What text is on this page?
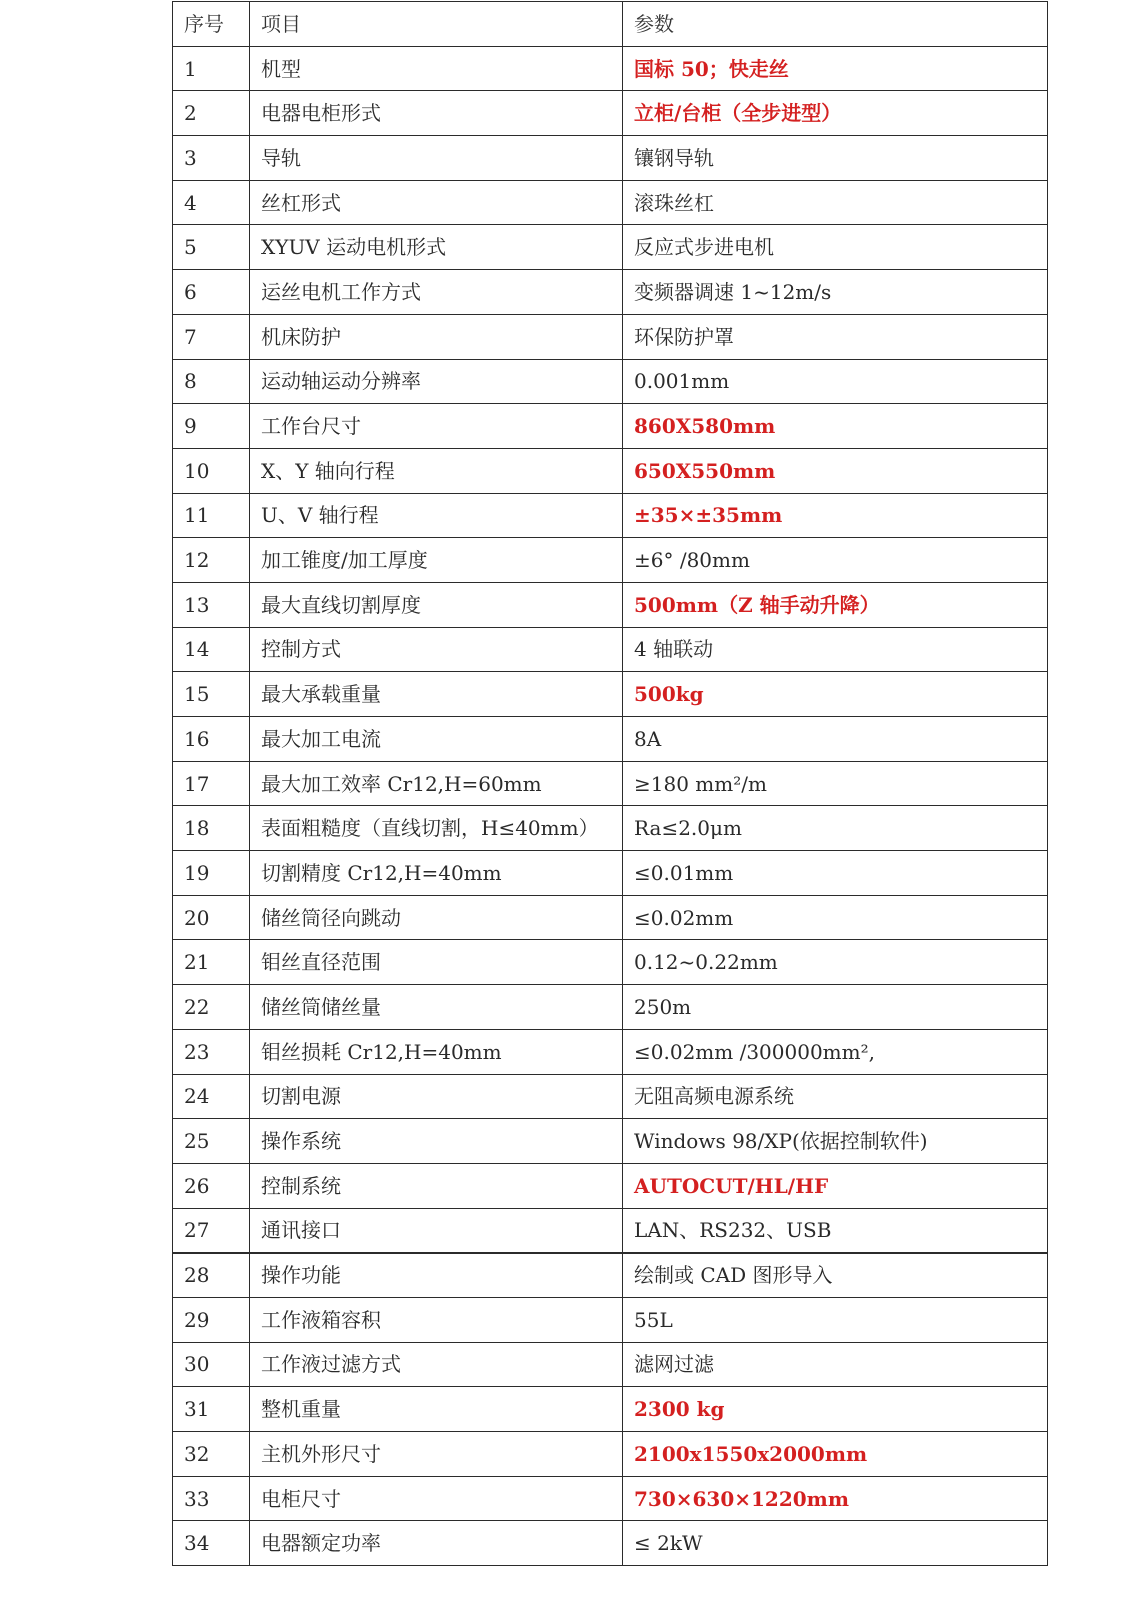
序号	项目	参数
1	机型	国标 50；快走丝
2	电器电柜形式	立柜/台柜（全步进型）
3	导轨	镶钢导轨
4	丝杠形式	滚珠丝杠
5	XYUV 运动电机形式	反应式步进电机
6	运丝电机工作方式	变频器调速 1~12m/s
7	机床防护	环保防护罩
8	运动轴运动分辨率	0.001mm
9	工作台尺寸	860X580mm
10	X、Y 轴向行程	650X550mm
11	U、V 轴行程	±35×±35mm
12	加工锥度/加工厚度	±6° /80mm
13	最大直线切割厚度	500mm（Z 轴手动升降）
14	控制方式	4 轴联动
15	最大承载重量	500kg
16	最大加工电流	8A
17	最大加工效率 Cr12,H=60mm	≥180 mm²/m
18	表面粗糙度（直线切割，H≤40mm）	Ra≤2.0μm
19	切割精度 Cr12,H=40mm	≤0.01mm
20	储丝筒径向跳动	≤0.02mm
21	钼丝直径范围	0.12~0.22mm
22	储丝筒储丝量	250m
23	钼丝损耗 Cr12,H=40mm	≤0.02mm /300000mm²,
24	切割电源	无阻高频电源系统
25	操作系统	Windows 98/XP(依据控制软件)
26	控制系统	AUTOCUT/HL/HF
27	通讯接口	LAN、RS232、USB
28	操作功能	绘制或 CAD 图形导入
29	工作液箱容积	55L
30	工作液过滤方式	滤网过滤
31	整机重量	2300 kg
32	主机外形尺寸	2100x1550x2000mm
33	电柜尺寸	730×630×1220mm
34	电器额定功率	≤ 2kW
